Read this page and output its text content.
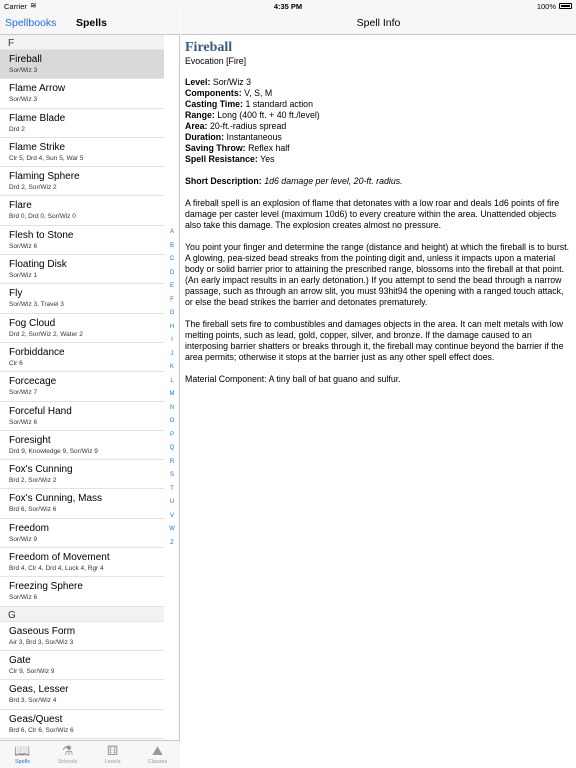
Carrier ≋	4:35 PM	100%
Spellbooks Spells
F
Fireball
Sor/Wiz 3
Flame Arrow
Sor/Wiz 3
Flame Blade
Drd 2
Flame Strike
Clr 5, Drd 4, Sun 5, War 5
Flaming Sphere
Drd 2, Sor/Wiz 2
Flare
Brd 0, Drd 0, Sor/Wiz 0
Flesh to Stone
Sor/Wiz 6
Floating Disk
Sor/Wiz 1
Fly
Sor/Wiz 3, Travel 3
Fog Cloud
Drd 2, Sor/Wiz 2, Water 2
Forbiddance
Clr 6
Forcecage
Sor/Wiz 7
Forceful Hand
Sor/Wiz 6
Foresight
Drd 9, Knowledge 9, Sor/Wiz 9
Fox's Cunning
Brd 2, Sor/Wiz 2
Fox's Cunning, Mass
Brd 6, Sor/Wiz 6
Freedom
Sor/Wiz 9
Freedom of Movement
Brd 4, Clr 4, Drd 4, Luck 4, Rgr 4
Freezing Sphere
Sor/Wiz 6
G
Gaseous Form
Air 3, Brd 3, Sor/Wiz 3
Gate
Clr 9, Sor/Wiz 9
Geas, Lesser
Brd 3, Sor/Wiz 4
Geas/Quest
Brd 6, Clr 6, Sor/Wiz 6
A
B
C
D
E
F
G
H
I
J
K
L
M
N
O
P
Q
R
S
T
U
V
W
Z
📖
Spells
⚗
Schools
⚅
Levels
⛰
Classes
Spell Info
Fireball
Evocation [Fire]
Level: Sor/Wiz 3
Components: V, S, M
Casting Time: 1 standard action
Range: Long (400 ft. + 40 ft./level)
Area: 20-ft.-radius spread
Duration: Instantaneous
Saving Throw: Reflex half
Spell Resistance: Yes
Short Description: 1d6 damage per level, 20-ft. radius.

A fireball spell is an explosion of flame that detonates with a low roar and deals 1d6 points of fire damage per caster level (maximum 10d6) to every creature within the area. Unattended objects also take this damage. The explosion creates almost no pressure.

You point your finger and determine the range (distance and height) at which the fireball is to burst. A glowing, pea-sized bead streaks from the pointing digit and, unless it impacts upon a material body or solid barrier prior to attaining the prescribed range, blossoms into the fireball at that point. (An early impact results in an early detonation.) If you attempt to send the bead through a narrow passage, such as through an arrow slit, you must 93hit94 the opening with a ranged touch attack, or else the bead strikes the barrier and detonates prematurely.

The fireball sets fire to combustibles and damages objects in the area. It can melt metals with low melting points, such as lead, gold, copper, silver, and bronze. If the damage caused to an interposing barrier shatters or breaks through it, the fireball may continue beyond the barrier if the area permits; otherwise it stops at the barrier just as any other spell effect does.

Material Component: A tiny ball of bat guano and sulfur.
